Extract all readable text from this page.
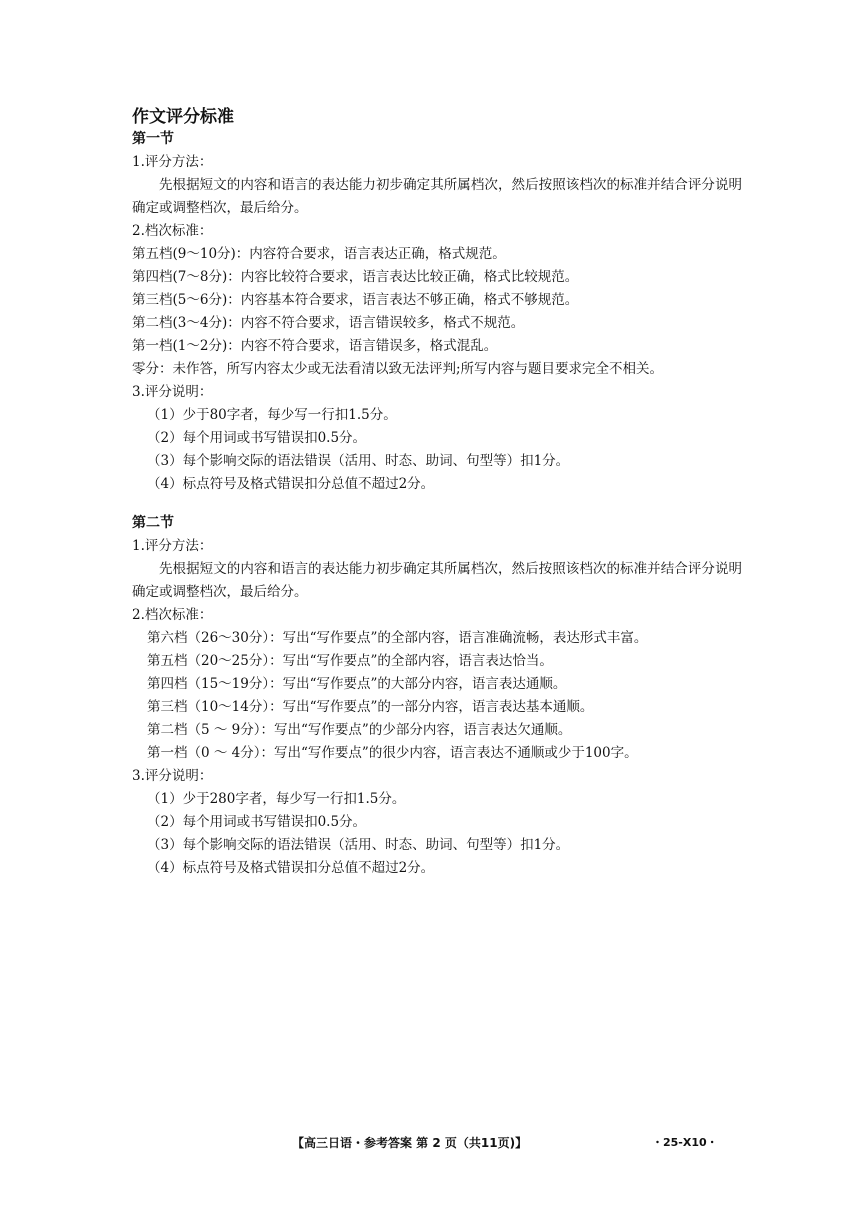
作文评分标准
第一节
1.评分方法：
先根据短文的内容和语言的表达能力初步确定其所属档次，然后按照该档次的标准并结合评分说明确定或调整档次，最后给分。
2.档次标准：
第五档(9～10分)：内容符合要求，语言表达正确，格式规范。
第四档(7～8分)：内容比较符合要求，语言表达比较正确，格式比较规范。
第三档(5～6分)：内容基本符合要求，语言表达不够正确，格式不够规范。
第二档(3～4分)：内容不符合要求，语言错误较多，格式不规范。
第一档(1～2分)：内容不符合要求，语言错误多，格式混乱。
零分：未作答，所写内容太少或无法看清以致无法评判;所写内容与题目要求完全不相关。
3.评分说明：
（1）少于80字者，每少写一行扣1.5分。
（2）每个用词或书写错误扣0.5分。
（3）每个影响交际的语法错误（活用、时态、助词、句型等）扣1分。
（4）标点符号及格式错误扣分总值不超过2分。
第二节
1.评分方法：
先根据短文的内容和语言的表达能力初步确定其所属档次，然后按照该档次的标准并结合评分说明确定或调整档次，最后给分。
2.档次标准：
第六档（26～30分）：写出“写作要点”的全部内容，语言准确流畅，表达形式丰富。
第五档（20～25分）：写出“写作要点”的全部内容，语言表达恰当。
第四档（15～19分）：写出“写作要点”的大部分内容，语言表达通顺。
第三档（10～14分）：写出“写作要点”的一部分内容，语言表达基本通顺。
第二档（5 ～ 9分）：写出“写作要点”的少部分内容，语言表达欠通顺。
第一档（0 ～ 4分）：写出“写作要点”的很少内容，语言表达不通顺或少于100字。
3.评分说明：
（1）少于280字者，每少写一行扣1.5分。
（2）每个用词或书写错误扣0.5分。
（3）每个影响交际的语法错误（活用、时态、助词、句型等）扣1分。
（4）标点符号及格式错误扣分总值不超过2分。
【高三日语・参考答案 第 2 页（共11页)】	・25-X10・
